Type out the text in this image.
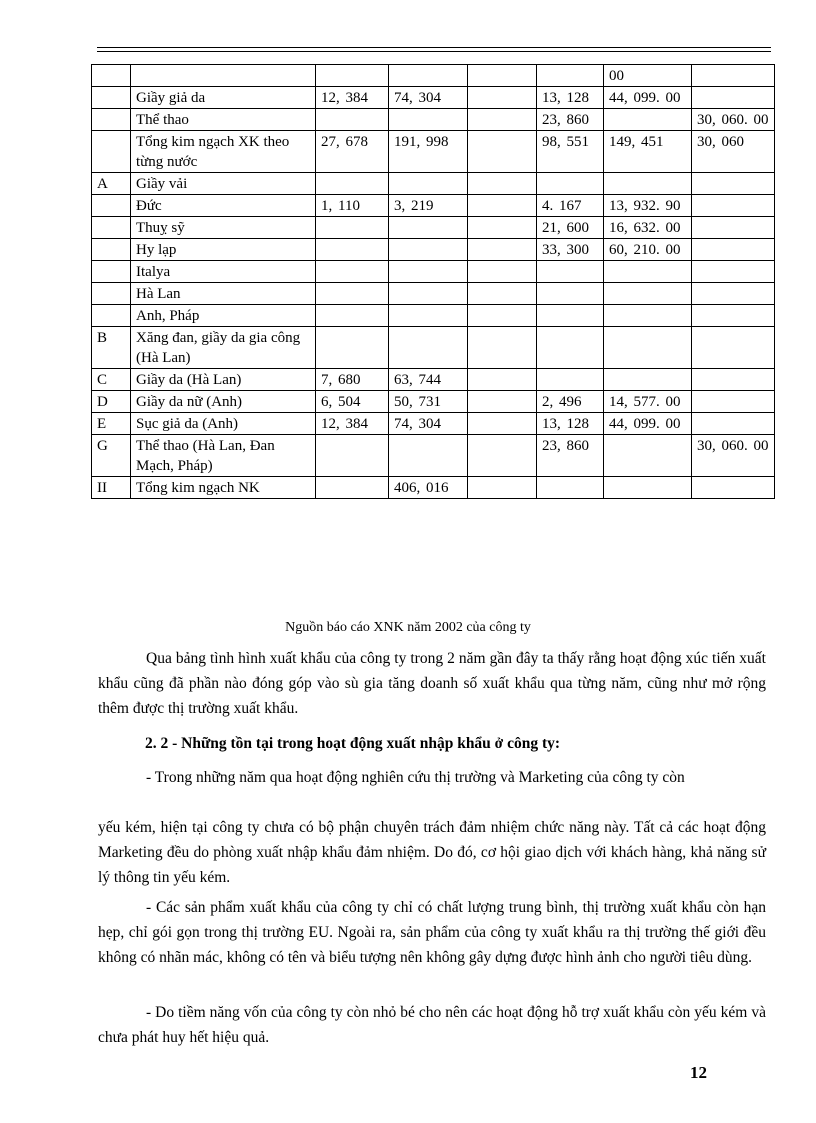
						00	
	Giầy giả da	12, 384	74, 304		13, 128	44, 099. 00	
	Thể thao				23, 860		30, 060. 00
	Tổng kim ngạch XK theo từng nước	27, 678	191, 998		98, 551	149, 451	30, 060
A	Giầy vải						
	Đức	1, 110	3, 219		4. 167	13, 932. 90	
	Thuỵ sỹ				21, 600	16, 632. 00	
	Hy lạp				33, 300	60, 210. 00	
	Italya						
	Hà Lan						
	Anh, Pháp						
B	Xăng đan, giầy da gia công (Hà Lan)						
C	Giầy da (Hà Lan)	7, 680	63, 744				
D	Giầy da nữ (Anh)	6, 504	50, 731		2, 496	14, 577. 00	
E	Sục giả da (Anh)	12, 384	74, 304		13, 128	44, 099. 00	
G	Thể thao (Hà Lan, Đan Mạch, Pháp)				23, 860		30, 060. 00
II	Tổng kim ngạch NK		406, 016				
Nguồn báo cáo XNK năm 2002 của công ty
Qua bảng tình hình xuất khẩu của công ty trong 2 năm gần đây ta thấy rằng hoạt động xúc tiến xuất khẩu cũng đã phần nào đóng góp vào sù gia tăng doanh số xuất khẩu qua từng năm, cũng như mở rộng thêm được thị trường xuất khẩu.
2. 2 - Những tồn tại trong hoạt động xuất nhập khẩu ở công ty:
- Trong những năm qua hoạt động nghiên cứu thị trường và Marketing của công ty còn
yếu kém, hiện tại công ty chưa có bộ phận chuyên trách đảm nhiệm chức năng này. Tất cả các hoạt động Marketing đều do phòng xuất nhập khẩu đảm nhiệm. Do đó, cơ hội giao dịch với khách hàng, khả năng sử lý thông tin yếu kém.
- Các sản phẩm xuất khẩu của công ty chỉ có chất lượng trung bình, thị trường xuất khẩu còn hạn hẹp, chỉ gói gọn trong thị trường EU. Ngoài ra, sản phẩm của công ty xuất khẩu ra thị trường thế giới đều không có nhãn mác, không có tên và biểu tượng nên không gây dựng được hình ảnh cho người tiêu dùng.
- Do tiềm năng vốn của công ty còn nhỏ bé cho nên các hoạt động hỗ trợ xuất khẩu còn yếu kém và chưa phát huy hết hiệu quả.
12
